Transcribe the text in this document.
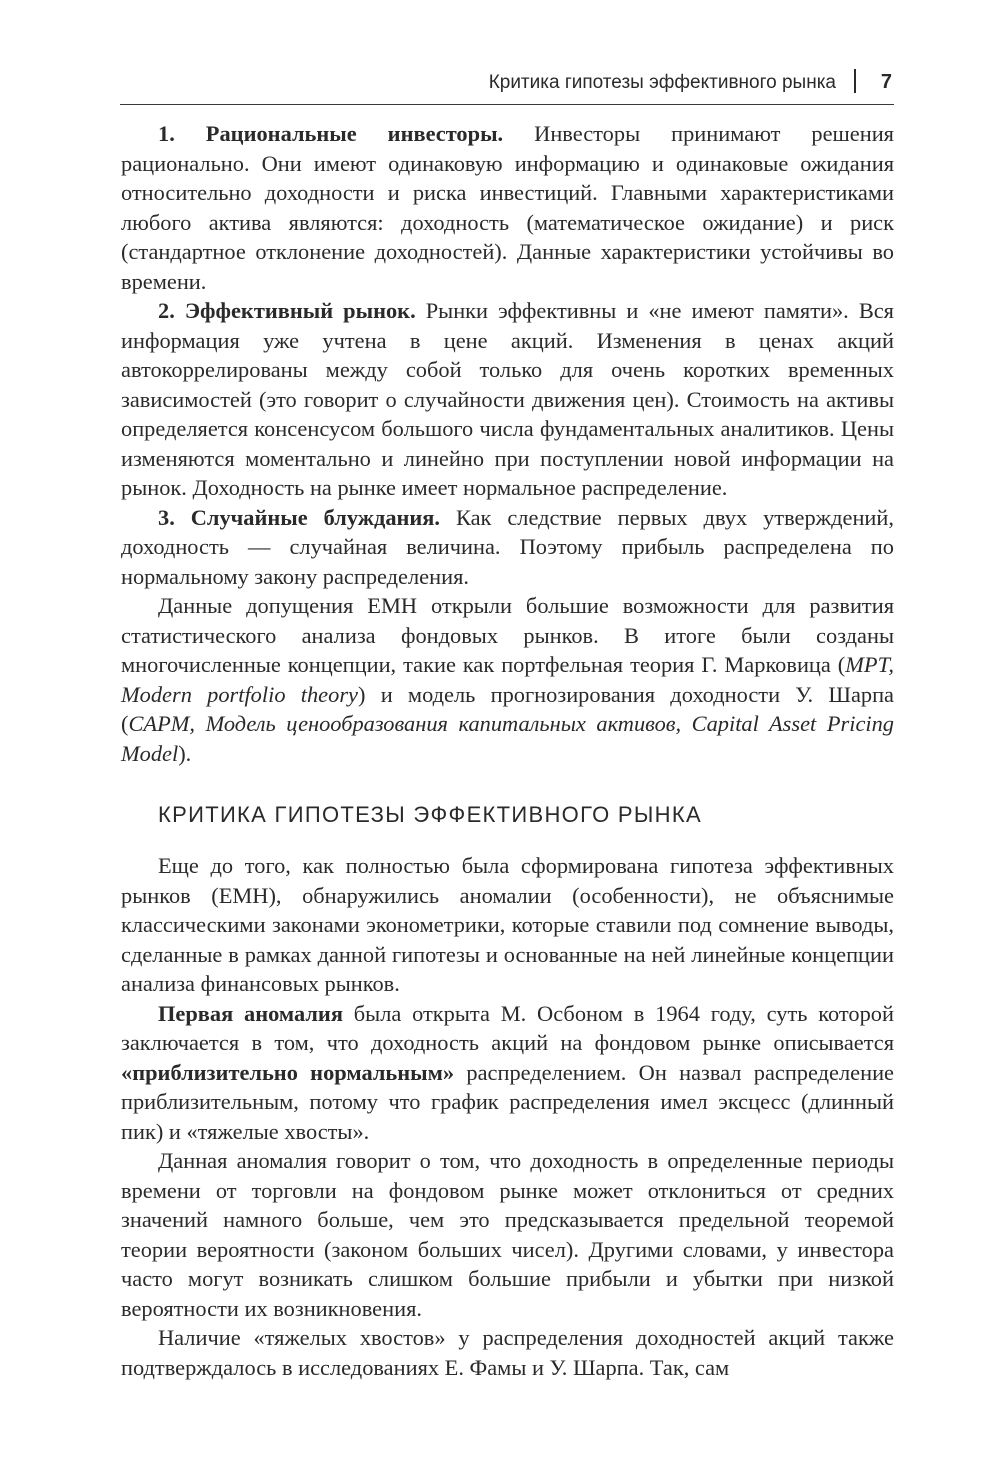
Критика гипотезы эффективного рынка 7

1. Рациональные инвесторы. Инвесторы принимают решения рационально. Они имеют одинаковую информацию и одинаковые ожидания относительно доходности и риска инвестиций. Главными характеристиками любого актива являются: доходность (математическое ожидание) и риск (стандартное отклонение доходностей). Данные характеристики устойчивы во времени.

2. Эффективный рынок. Рынки эффективны и «не имеют памяти». Вся информация уже учтена в цене акций. Изменения в ценах акций автокоррелированы между собой только для очень коротких временных зависимостей (это говорит о случайности движения цен). Стоимость на активы определяется консенсусом большого числа фундаментальных аналитиков. Цены изменяются моментально и линейно при поступлении новой информации на рынок. Доходность на рынке имеет нормальное распределение.

3. Случайные блуждания. Как следствие первых двух утверждений, доходность — случайная величина. Поэтому прибыль распределена по нормальному закону распределения.

Данные допущения EMH открыли большие возможности для развития статистического анализа фондовых рынков. В итоге были созданы многочисленные концепции, такие как портфельная теория Г. Марковица (MPT, Modern portfolio theory) и модель прогнозирования доходности У. Шарпа (CAPM, Модель ценообразования капитальных активов, Capital Asset Pricing Model).

КРИТИКА ГИПОТЕЗЫ ЭФФЕКТИВНОГО РЫНКА

Еще до того, как полностью была сформирована гипотеза эффективных рынков (EMH), обнаружились аномалии (особенности), не объяснимые классическими законами эконометрики, которые ставили под сомнение выводы, сделанные в рамках данной гипотезы и основанные на ней линейные концепции анализа финансовых рынков.

Первая аномалия была открыта М. Осбоном в 1964 году, суть которой заключается в том, что доходность акций на фондовом рынке описывается «приблизительно нормальным» распределением. Он назвал распределение приблизительным, потому что график распределения имел эксцесс (длинный пик) и «тяжелые хвосты».

Данная аномалия говорит о том, что доходность в определенные периоды времени от торговли на фондовом рынке может отклониться от средних значений намного больше, чем это предсказывается предельной теоремой теории вероятности (законом больших чисел). Другими словами, у инвестора часто могут возникать слишком большие прибыли и убытки при низкой вероятности их возникновения.

Наличие «тяжелых хвостов» у распределения доходностей акций также подтверждалось в исследованиях Е. Фамы и У. Шарпа. Так, сам
